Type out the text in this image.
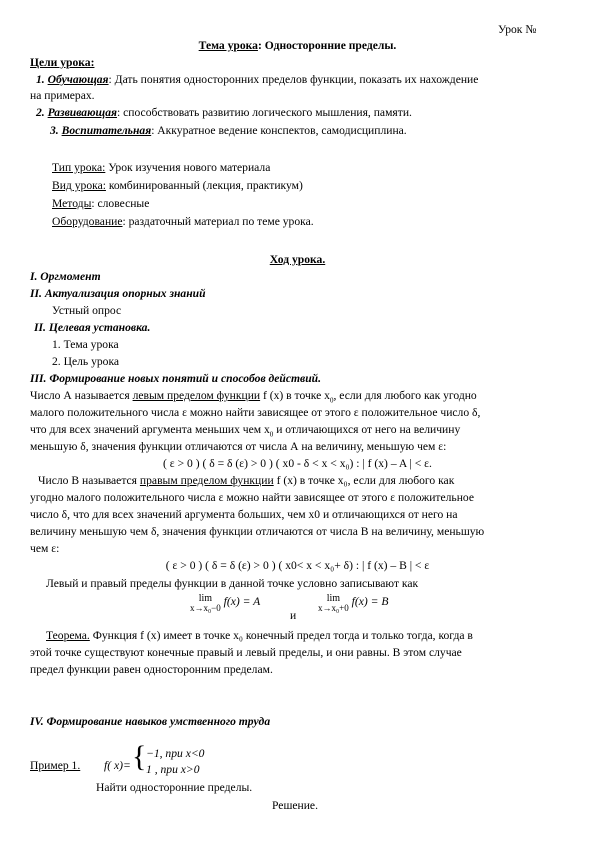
Урок №
Тема урока: Односторонние пределы.
Цели урока:
1. Обучающая: Дать понятия односторонних пределов функции, показать их нахождение
на примерах.
2. Развивающая: способствовать развитию логического мышления, памяти.
3. Воспитательная: Аккуратное ведение конспектов, самодисциплина.
Тип урока: Урок изучения нового материала
Вид урока: комбинированный (лекция, практикум)
Методы: словесные
Оборудование: раздаточный материал по теме урока.
Ход урока.
I. Оргмомент
II. Актуализация опорных знаний
Устный опрос
II. Целевая установка.
1. Тема урока
2. Цель урока
III. Формирование новых понятий и способов действий.
Число А называется левым пределом функции f (x) в точке $x_0$, если для любого как угодно
малого положительного числа ε можно найти зависящее от этого ε положительное число δ,
что для всех значений аргумента меньших чем $x_0$ и отличающихся от него на величину
меньшую δ, значения функции отличаются от числа А на величину, меньшую чем ε:
( ε > 0 ) ( δ = δ (ε) > 0 ) ( x0 - δ < x < x₀) : | f (x) – A | < ε.
Число В называется правым пределом функции f (x) в точке x₀, если для любого как
угодно малого положительного числа ε можно найти зависящее от этого ε положительное
число δ, что для всех значений аргумента больших, чем x0 и отличающихся от него на
величину меньшую чем δ, значения функции отличаются от числа В на величину, меньшую
чем ε:
( ε > 0 ) ( δ = δ (ε) > 0 ) ( x0< x < x₀+ δ) : | f (x) – B | < ε
Левый и правый пределы функции в данной точке условно записывают как
lim
x→x₀−0 f(x) = A
и
lim
x→x₀+0 f(x) = B
Теорема. Функция f (x) имеет в точке x₀ конечный предел тогда и только тогда, когда в
этой точке существуют конечные правый и левый пределы, и они равны. В этом случае
предел функции равен односторонним пределам.
IV. Формирование навыков умственного труда
Пример 1. f( x)= { −1, при x<0
1 , при x>0
Найти односторонние пределы.
Решение.
